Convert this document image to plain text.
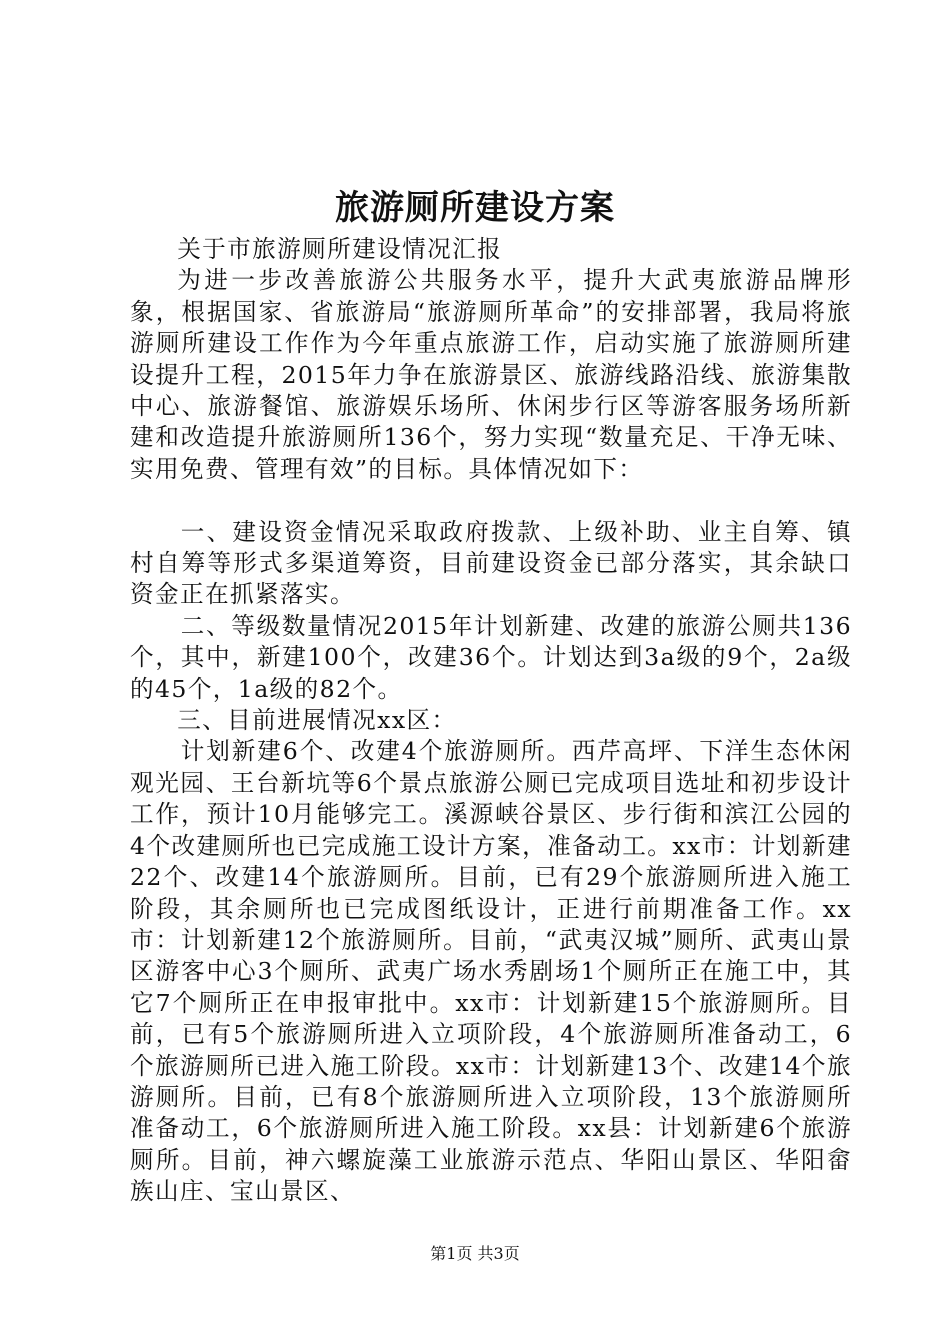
旅游厕所建设方案

关于市旅游厕所建设情况汇报

为进一步改善旅游公共服务水平，提升大武夷旅游品牌形象，根据国家、省旅游局“旅游厕所革命”的安排部署，我局将旅游厕所建设工作作为今年重点旅游工作，启动实施了旅游厕所建设提升工程，2015年力争在旅游景区、旅游线路沿线、旅游集散中心、旅游餐馆、旅游娱乐场所、休闲步行区等游客服务场所新建和改造提升旅游厕所136个，努力实现“数量充足、干净无味、实用免费、管理有效”的目标。具体情况如下：

一、建设资金情况采取政府拨款、上级补助、业主自筹、镇村自筹等形式多渠道筹资，目前建设资金已部分落实，其余缺口资金正在抓紧落实。

二、等级数量情况2015年计划新建、改建的旅游公厕共136个，其中，新建100个，改建36个。计划达到3a级的9个，2a级的45个，1a级的82个。

三、目前进展情况xx区：

计划新建6个、改建4个旅游厕所。西芹高坪、下洋生态休闲观光园、王台新坑等6个景点旅游公厕已完成项目选址和初步设计工作，预计10月能够完工。溪源峡谷景区、步行街和滨江公园的4个改建厕所也已完成施工设计方案，准备动工。xx市：计划新建22个、改建14个旅游厕所。目前，已有29个旅游厕所进入施工阶段，其余厕所也已完成图纸设计，正进行前期准备工作。xx市：计划新建12个旅游厕所。目前，“武夷汉城”厕所、武夷山景区游客中心3个厕所、武夷广场水秀剧场1个厕所正在施工中，其它7个厕所正在申报审批中。xx市：计划新建15个旅游厕所。目前，已有5个旅游厕所进入立项阶段，4个旅游厕所准备动工，6个旅游厕所已进入施工阶段。xx市：计划新建13个、改建14个旅游厕所。目前，已有8个旅游厕所进入立项阶段，13个旅游厕所准备动工，6个旅游厕所进入施工阶段。xx县：计划新建6个旅游厕所。目前，神六螺旋藻工业旅游示范点、华阳山景区、华阳畲族山庄、宝山景区、

第1页 共3页
